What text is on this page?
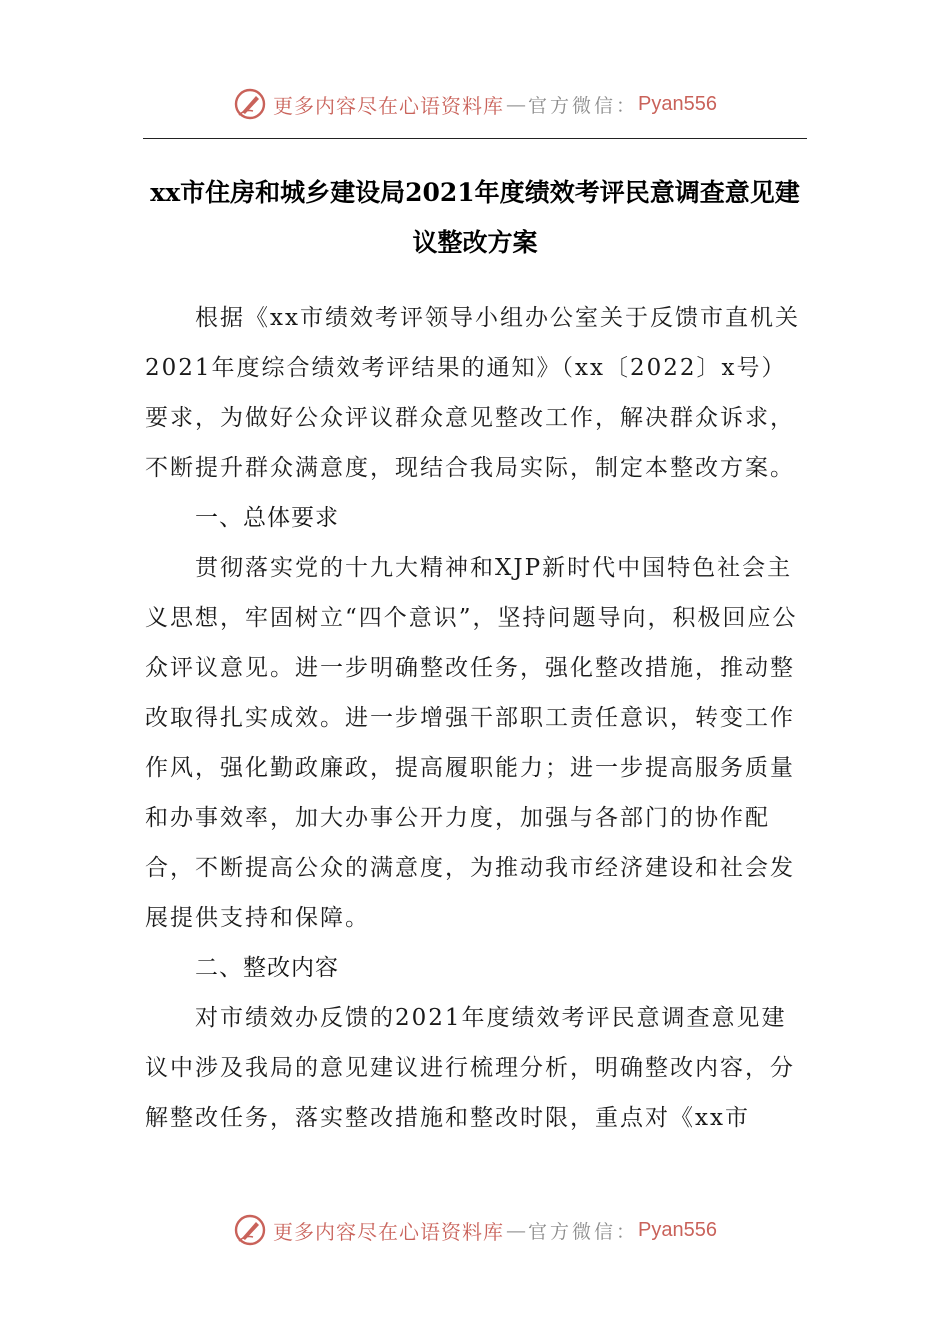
更多内容尽在心语资料库 — 官方微信： Pyan556
xx市住房和城乡建设局2021年度绩效考评民意调查意见建议整改方案

根据《xx市绩效考评领导小组办公室关于反馈市直机关2021年度综合绩效考评结果的通知》（xx〔2022〕x号）要求，为做好公众评议群众意见整改工作，解决群众诉求，不断提升群众满意度，现结合我局实际，制定本整改方案。

一、总体要求

贯彻落实党的十九大精神和XJP新时代中国特色社会主义思想，牢固树立“四个意识”，坚持问题导向，积极回应公众评议意见。进一步明确整改任务，强化整改措施，推动整改取得扎实成效。进一步增强干部职工责任意识，转变工作作风，强化勤政廉政，提高履职能力；进一步提高服务质量和办事效率，加大办事公开力度，加强与各部门的协作配合，不断提高公众的满意度，为推动我市经济建设和社会发展提供支持和保障。

二、整改内容

对市绩效办反馈的2021年度绩效考评民意调查意见建议中涉及我局的意见建议进行梳理分析，明确整改内容，分解整改任务，落实整改措施和整改时限，重点对《xx市

更多内容尽在心语资料库 — 官方微信： Pyan556
